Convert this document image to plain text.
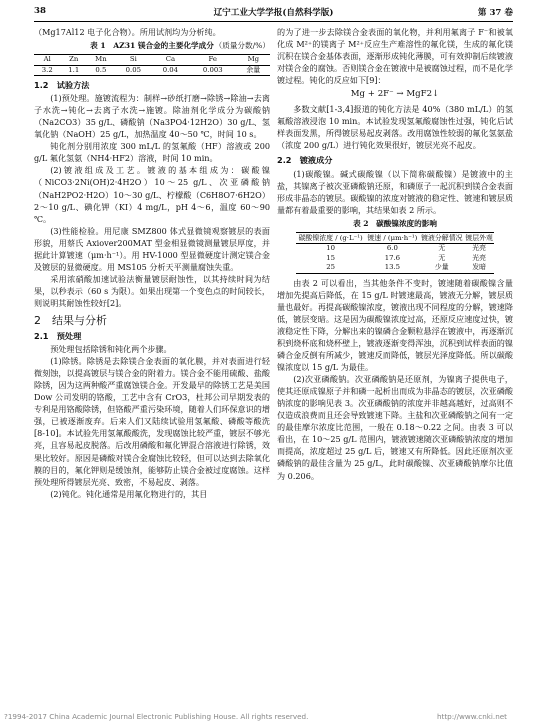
38	辽宁工业大学学报(自然科学版)	第 37 卷

（Mg17Al12 电子化合物）。所用试剂均为分析纯。

表 1　AZ31 镁合金的主要化学成分 （质量分数/%）
Al	Zn	Mn	Si	Ca	Fe	Mg
3.2	1.1	0.5	0.05	0.04	0.003	余量
1.2　试验方法

(1)预处理。施镀流程为：制样→砂纸打磨→除锈→除油→去离子水洗→钝化→去离子水洗→施镀。除油剂化学成分为碳酸钠（Na2CO3）35 g/L、磷酸钠（Na3PO4·12H2O）30 g/L、氢氧化钠（NaOH）25 g/L，加热温度 40～50 ℃，时间 10 s。

钝化剂分别用浓度 300 mL/L 的氢氟酸（HF）溶液或 200 g/L 氟化氢氨（NH4·HF2）溶液，时间 10 min。

(2)镀液组成及工艺。镀液的基本组成为：碳酸镍（NiCO3·2Ni(OH)2·4H2O）10～25 g/L、次亚磷酸钠（NaH2PO2·H2O）10～30 g/L、柠檬酸（C6H8O7·6H2O）2～10 g/L、碘化钾（KI）4 mg/L，pH 4～6，温度 60～90 ℃。

(3)性能检验。用尼康 SMZ800 体式显微镜观察镀层的表面形貌，用蔡氏 Axiover200MAT 型金相显微镜测量镀层厚度，并据此计算镀速（μm·h⁻¹）。用 HV-1000 型显微硬度计测定镁合金及镀层的显微硬度。用 MS105 分析天平测量腐蚀失重。

采用浓硝酸加速试验法衡量镀层耐蚀性，以其持续时间为结果，以秒表示（60 s 为限）。如果出现第一个变色点的时间较长，则说明其耐蚀性较好[2]。

2　结果与分析
2.1　预处理

预处理包括除锈和钝化两个步骤。

(1)除锈。除锈是去除镁合金表面的氧化膜，并对表面进行轻微刻蚀，以提高镀层与镁合金的附着力。镁合金不能用硫酸、盐酸除锈，因为这两种酸严重腐蚀镁合金。开发最早的除锈工艺是美国 Dow 公司发明的铬酸，工艺中含有 CrO3，杜邦公司早期发表的专利是用铬酸除锈，但铬酸严重污染环境，随着人们环保意识的增强，已被逐渐废弃。后来人们又陆续试验用氢氟酸、磷酸等酸洗[8-10]。本试验先用氢氟酸酸洗，发现腐蚀比较严重，镀层不够光亮，且容易起皮脱落。后改用磷酸和氟化钾混合溶液进行除锈，效果比较好。原因是磷酸对镁合金腐蚀比较轻，但可以达到去除氧化膜的目的，氟化钾则是缓蚀剂，能够防止镁合金被过度腐蚀。这样预处理所得镀层光亮、致密，不易起皮、剥落。

(2)钝化。钝化通常是用氟化物进行的，其目

的为了进一步去除镁合金表面的氧化物，并利用氟离子 F⁻和被氧化成 M²⁺的镁离子 M²⁺反应生产难溶性的氟化镁，生成的氟化镁沉积在镁合金基体表面，逐渐形成钝化薄膜，可有效抑制后续镀液对镁合金的腐蚀。否则镁合金在镀液中是被腐蚀过程，而不是化学镀过程。钝化的反应如下[9]：

Mg + 2F⁻ → MgF2↓

多数文献[1-3,4]报道的钝化方法是 40%（380 mL/L）的氢氟酸溶液浸泡 10 min。本试验发现氢氟酸腐蚀性过强，钝化后试样表面发黑，所得镀层易起皮剥落。改用腐蚀性较弱的氟化氢氨盐（浓度 200 g/L）进行钝化效果很好，镀层光亮不起皮。

2.2　镀液成分

(1)碳酸镍。碱式碳酸镍（以下简称碳酸镍）是镀液中的主盐，其镍离子被次亚磷酸钠还原，和磷原子一起沉积到镁合金表面形成非晶态的镀层。碳酸镍的浓度对镀液的稳定性、镀速和镀层质量都有着最重要的影响，其结果如表 2 所示。

表 2　碳酸镍浓度的影响
碳酸镍浓度 / (g·L⁻¹)	镀速 / (μm·h⁻¹)	镀液分解情况	镀层外观
10	6.0	无	光亮
15	17.6	无	光亮
25	13.5	少量	发暗

由表 2 可以看出，当其他条件不变时，镀速随着碳酸镍含量增加先提高后降低，在 15 g/L 时镀速最高，镀液无分解，镀层质量也最好。再提高碳酸镍浓度，镀液出现不同程度的分解，镀速降低，镀层变暗。这是因为碳酸镍浓度过高，还原反应速度过快，镀液稳定性下降，分解出来的镍磷合金颗粒悬浮在镀液中，再逐渐沉积到烧杯底和烧杯壁上，镀液逐渐变得浑浊，沉积到试样表面的镍磷合金反倒有所减少，镀速反而降低，镀层光泽度降低。所以碳酸镍浓度以 15 g/L 为最佳。

(2)次亚磷酸钠。次亚磷酸钠是还原剂，为镍离子提供电子，使其还原成镍原子并和磷一起析出而成为非晶态的镀层，次亚磷酸钠浓度的影响见表 3。次亚磷酸钠的浓度并非越高越好，过高则不仅造成浪费而且还会导致镀速下降。主盐和次亚磷酸钠之间有一定的最佳摩尔浓度比范围，一般在 0.18～0.22 之间。由表 3 可以看出，在 10～25 g/L 范围内，镀液镀速随次亚磷酸钠浓度的增加而提高，浓度超过 25 g/L 后，镀速又有所降低。因此还原剂次亚磷酸钠的最佳含量为 25 g/L，此时碳酸镍、次亚磷酸钠摩尔比值为 0.206。

?1994-2017 China Academic Journal Electronic Publishing House. All rights reserved.	http://www.cnki.net
